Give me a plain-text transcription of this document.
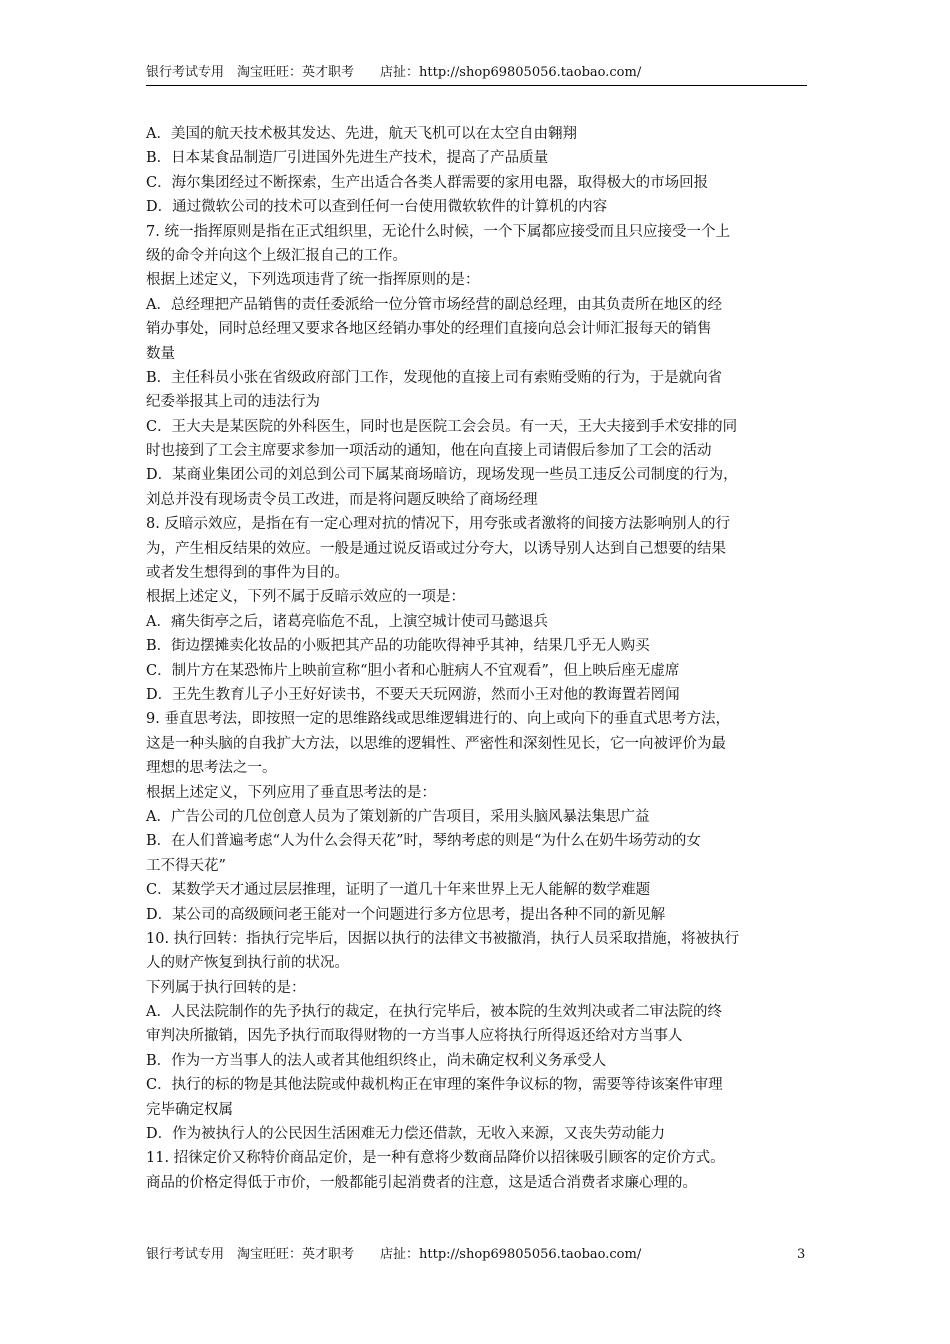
银行考试专用　淘宝旺旺：英才职考　　店扯：http://shop69805056.taobao.com/
A．美国的航天技术极其发达、先进，航天飞机可以在太空自由翱翔
B．日本某食品制造厂引进国外先进生产技术，提高了产品质量
C．海尔集团经过不断探索，生产出适合各类人群需要的家用电器，取得极大的市场回报
D．通过微软公司的技术可以查到任何一台使用微软软件的计算机的内容
7. 统一指挥原则是指在正式组织里，无论什么时候，一个下属都应接受而且只应接受一个上
级的命令并向这个上级汇报自己的工作。
根据上述定义，下列选项违背了统一指挥原则的是：
A．总经理把产品销售的责任委派给一位分管市场经营的副总经理，由其负责所在地区的经
销办事处，同时总经理又要求各地区经销办事处的经理们直接向总会计师汇报每天的销售
数量
B．主任科员小张在省级政府部门工作，发现他的直接上司有索贿受贿的行为，于是就向省
纪委举报其上司的违法行为
C．王大夫是某医院的外科医生，同时也是医院工会会员。有一天，王大夫接到手术安排的同
时也接到了工会主席要求参加一项活动的通知，他在向直接上司请假后参加了工会的活动
D．某商业集团公司的刘总到公司下属某商场暗访，现场发现一些员工违反公司制度的行为，
刘总并没有现场责令员工改进，而是将问题反映给了商场经理
8. 反暗示效应，是指在有一定心理对抗的情况下，用夸张或者激将的间接方法影响别人的行
为，产生相反结果的效应。一般是通过说反语或过分夸大，以诱导别人达到自己想要的结果
或者发生想得到的事件为目的。
根据上述定义，下列不属于反暗示效应的一项是：
A．痛失街亭之后，诸葛亮临危不乱，上演空城计使司马懿退兵
B．街边摆摊卖化妆品的小贩把其产品的功能吹得神乎其神，结果几乎无人购买
C．制片方在某恐怖片上映前宣称“胆小者和心脏病人不宜观看”，但上映后座无虚席
D．王先生教育儿子小王好好读书，不要天天玩网游，然而小王对他的教诲置若罔闻
9. 垂直思考法，即按照一定的思维路线或思维逻辑进行的、向上或向下的垂直式思考方法，
这是一种头脑的自我扩大方法，以思维的逻辑性、严密性和深刻性见长，它一向被评价为最
理想的思考法之一。
根据上述定义，下列应用了垂直思考法的是：
A．广告公司的几位创意人员为了策划新的广告项目，采用头脑风暴法集思广益
B．在人们普遍考虑“人为什么会得天花”时，琴纳考虑的则是“为什么在奶牛场劳动的女
工不得天花”
C．某数学天才通过层层推理，证明了一道几十年来世界上无人能解的数学难题
D．某公司的高级顾问老王能对一个问题进行多方位思考，提出各种不同的新见解
10. 执行回转：指执行完毕后，因据以执行的法律文书被撤消，执行人员采取措施，将被执行
人的财产恢复到执行前的状况。
下列属于执行回转的是：
A．人民法院制作的先予执行的裁定，在执行完毕后，被本院的生效判决或者二审法院的终
审判决所撤销，因先予执行而取得财物的一方当事人应将执行所得返还给对方当事人
B．作为一方当事人的法人或者其他组织终止，尚未确定权利义务承受人
C．执行的标的物是其他法院或仲裁机构正在审理的案件争议标的物，需要等待该案件审理
完毕确定权属
D．作为被执行人的公民因生活困难无力偿还借款，无收入来源，又丧失劳动能力
11. 招徕定价又称特价商品定价，是一种有意将少数商品降价以招徕吸引顾客的定价方式。
商品的价格定得低于市价，一般都能引起消费者的注意，这是适合消费者求廉心理的。
银行考试专用　淘宝旺旺：英才职考　　店扯：http://shop69805056.taobao.com/	3
